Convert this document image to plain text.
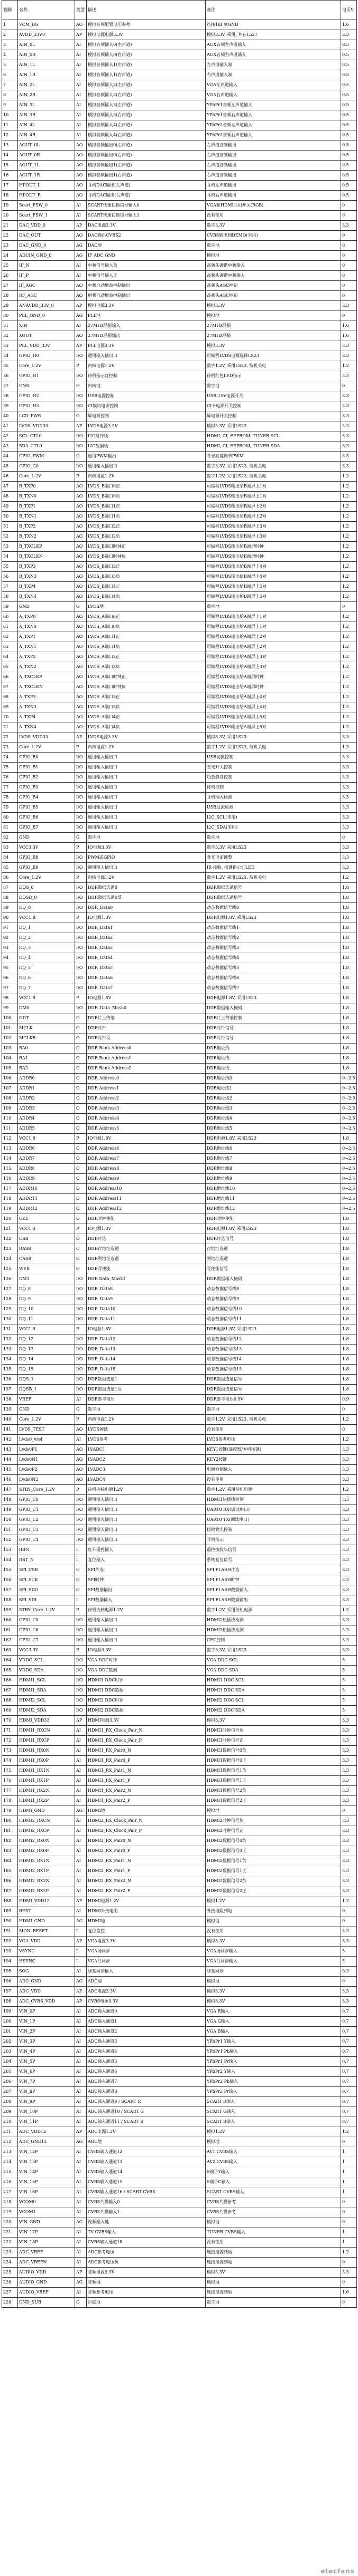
管脚	名称	类型	描述	备注	电压V
1	VCM_BG	AO	模拟音频配置电压参考	连接1uF到GND	1.6
2	AVDD_33V0	AP	模拟电源电源3.3V	模拟3.3V, 采用, 并在L527	3.3
3	AIN_0L	AI	模拟音频输入0(左声道)	AUX音频左声道输入	0.5
4	AIN_0R	AI	模拟音频输入0(右声道)	AUX音频右声道输入	0.5
5	AIN_1L	AI	模拟音频输入1(左声道)	左声道输入端	0.5
6	AIN_1R	AI	模拟音频输入1(右声道)	右声道输入端	0.5
7	AIN_2L	AI	模拟音频输入2(左声道)	VGA左声道输入	0.5
8	AIN_2R	AI	模拟音频输入2(右声道)	VGA右声道输入	0.5
9	AIN_3L	AI	模拟音频输入3(左声道)	YPbPr1音频左声道输入	0.5
10	AIN_3R	AI	模拟音频输入3(右声道)	YPbPr1音频右声道输入	0.5
11	AIN_4L	AI	模拟音频输入4(左声道)	YPbPr2音频左声道输入	0.5
12	AIN_4R	AI	模拟音频输入4(右声道)	YPbPr2音频右声道输入	0.5
13	AOUT_0L	AO	模拟音频输出0(左声道)	左声道音频输出	0.5
14	AOUT_0R	AO	模拟音频输出0(右声道)	右声道音频输出	0.5
15	AOUT_1L	AO	模拟音频输出1(左声道)	左声道音频输出	0.5
16	AOUT_1R	AO	模拟音频输出1(右声道)	右声道音频输出	0.5
17	HPOUT_L	AO	耳机DAC输出(左声道)	耳机左声道输出	0.5
18	HPOUT_R	AO	耳机DAC输出(右声道)	耳机右声道输出	0.5
19	Scart_FSW_0	AI	SCART快速切换信号输入0	VGA和HDMI共用开关(RGB)	0
20	Scart_FSW_1	AI	SCART快速切换信号输入1	没有使用	0
21	DAC_VDD_0	AP	DAC电源3.3V	数字3.3V	3.3
22	DAC_OUT	AO	DAC输出CVBS2	CVBS输出到DEMO(未用)	0
23	DAC_GND_0	AG	DAC地	数字地	0
24	ADCIN_GND_0	AG	IF ADC GND	模拟地	0
25	IF_N	AI	中频信号输入负	高频头调谐中频输入	0
26	IF_P	AI	中频信号输入正	高频头调谐中频输入	0
27	IF_AGC	AO	中频自动增益控制输出	高频头AGC控制	0
28	RF_AGC	AO	射频自动增益控制输出	高频头AGC控制	0
29	ANAVDD_33V_0	AP	模拟电源3.3V	模拟3.3V	3.3
30	PLL_GND_0	AG	PLL地	模拟地	0
31	XIN	AI	27MHz晶振输入	27MHz晶振	1.6
32	XOUT	AO	27MHz晶振输出	27MHz晶振	1.6
33	PLL_VDD_33V	AP	PLL电源3.3V	模拟3.3V	3.3
34	GPIO_H0	I/O	通用输入输出口	可编程LVDS电源选择LS23	3.3
35	Core_1.2V	P	内核电源1.2V	数字1.2V, 采用LS23, 待机关电	1.2
36	GPIO_H1	I/O	待机指示灯控制	待机红色LED指示	3.3
37	GND	G	内核地	数字地	0
38	GPIO_H2	I/O	USB电源控制	USB口5V电源开关	3.3
39	GPIO_H3	I/O	CI模块电源控制	CI卡电源开关控制	3.3
40	LCD_PWR	O	屏电源控制	屏电源开关控制	3.3
41	LVDS_VDD33	AP	LVDS电源3.3V	模拟3.3V, 采用LS23	3.3
42	SCL_CTL0	I/O	I2C时钟线	HDMI, CI, EEPROM, TUNER SCL	3.3
43	SDA_CTL0	I/O	I2C数据线	HDMI, CI, EEPROM, TUNER SDA	3.3
44	GPIO_PWM	O	通用PWM输出	背光亮度调节PWM	3.3
45	GPIO_G0	I/O	通用输入输出口	数字3.3V, 采用LS23, 待机关电	3.3
46	Core_1.2V	P	内核电源1.2V	数字1.2V, 采用LS23, 待机关电	1.2
47	B_TXP0	AO	LVDS_B端口0正	可编程LVDS输出给B端屏上1对	1.2
48	B_TXN0	AO	LVDS_B端口0负	可编程LVDS输出给B端屏上1对	1.2
49	B_TXP1	AO	LVDS_B端口1正	可编程LVDS输出给B端屏上2对	1.2
50	B_TXN1	AO	LVDS_B端口1负	可编程LVDS输出给B端屏上2对	1.2
51	B_TXP2	AO	LVDS_B端口2正	可编程LVDS输出给B端屏上3对	1.2
52	B_TXN2	AO	LVDS_B端口2负	可编程LVDS输出给B端屏上3对	1.2
53	B_TXCLKP	AO	LVDS_B端口时钟正	可编程LVDS输出给B端屏时钟	1.2
54	B_TXCLKN	AO	LVDS_B端口时钟负	可编程LVDS输出给B端屏时钟	1.2
55	B_TXP3	AO	LVDS_B端口3正	可编程LVDS输出给B端屏上4对	1.2
56	B_TXN3	AO	LVDS_B端口3负	可编程LVDS输出给B端屏上4对	1.2
57	B_TXP4	AO	LVDS_B端口4正	可编程LVDS输出给B端屏上5对	1.2
58	B_TXN4	AO	LVDS_B端口4负	可编程LVDS输出给B端屏上5对	1.2
59	GND	G	LVDS地	数字地	0
60	A_TXP0	AO	LVDS_A端口0正	可编程LVDS输出给A端屏上1对	1.2
61	A_TXN0	AO	LVDS_A端口0负	可编程LVDS输出给A端屏上1对	1.2
62	A_TXP1	AO	LVDS_A端口1正	可编程LVDS输出给A端屏上2对	1.2
63	A_TXN1	AO	LVDS_A端口1负	可编程LVDS输出给A端屏上2对	1.2
64	A_TXP2	AO	LVDS_A端口2正	可编程LVDS输出给A端屏上3对	1.2
65	A_TXN2	AO	LVDS_A端口2负	可编程LVDS输出给A端屏上3对	1.2
66	A_TXCLKP	AO	LVDS_A端口时钟正	可编程LVDS输出给A端屏时钟	1.2
67	A_TXCLKN	AO	LVDS_A端口时钟负	可编程LVDS输出给A端屏时钟	1.2
68	A_TXP3	AO	LVDS_A端口3正	可编程LVDS输出给A端屏上4对	1.2
69	A_TXN3	AO	LVDS_A端口3负	可编程LVDS输出给A端屏上4对	1.2
70	A_TXP4	AO	LVDS_A端口4正	可编程LVDS输出给A端屏上5对	1.2
71	A_TXN4	AO	LVDS_A端口4负	可编程LVDS输出给A端屏上5对	1.2
72	LVDS_VDD33	AP	LVDS电源3.3V	模拟3.3V, 采用LS23	3.3
73	Core_1.2V	P	内核电源1.2V	数字1.2V, 采用LS23, 待机关电	1.2
74	GPIO_B0	I/O	通用输入输出口	USB切换控制	3.3
75	GPIO_B1	I/O	通用输入输出口	背光开关控制	3.3
76	GPIO_B2	I/O	通用输入输出口	功放静音控制	3.3
77	GPIO_B3	I/O	通用输入输出口	待机控制	3.3
78	GPIO_B4	I/O	通用输入输出口	耳机插入检测	3.3
79	GPIO_B5	I/O	通用输入输出口	USB过流检测	3.3
80	GPIO_B6	I/O	通用输入输出口	I2C_SCL(未用)	3.3
81	GPIO_B7	I/O	通用输入输出口	I2C_SDA(未用)	3.3
82	GND	G	数字地	数字地	0
83	VCC3.3V	P	IO电源3.3V	数字3.3V, 采用LS23	3.3
84	GPIO_B8	I/O	PWM或GPIO	背光电流调整	3.3
85	GPIO_B9	I/O	通用输入输出口	IR 接收, 按键指示灯LED	3.3
86	Core_1.2V	P	内核电源1.2V	数字1.2V, 采用LS23, 待机关电	1.2
87	DQS_0	I/O	DDR数据选通0	DDR数据选通信号	1.8
88	DQSB_0	I/O	DDR数据选通0反	DDR数据选通信号	1.8
89	DQ_0	I/O	DDR_Data0	动态数据信号线0	1.8
90	VCC1.8	P	IO电源1.8V	DDR电源1.8V, 采用LS23	1.8
91	DQ_1	I/O	DDR_Data1	动态数据信号线1	1.8
92	DQ_2	I/O	DDR_Data2	动态数据信号线2	1.8
93	DQ_3	I/O	DDR_Data3	动态数据信号线3	1.8
94	DQ_4	I/O	DDR_Data4	动态数据信号线4	1.8
95	DQ_5	I/O	DDR_Data5	动态数据信号线5	1.8
96	DQ_6	I/O	DDR_Data6	动态数据信号线6	1.8
97	DQ_7	I/O	DDR_Data7	动态数据信号线7	1.8
98	VCC1.8	P	IO电源1.8V	DDR电源1.8V, 采用LS23	1.8
99	DM0	I/O	DDR_Data_Mask0	DDR数据输入掩码	1.8
100	ODT	O	DDR片上终端	DDR片上终端控制	1.8
101	MCLK	O	DDR时钟	DDR时钟信号	1.8
102	MCLKB	O	DDR时钟反	DDR时钟信号	1.8
103	BA0	O	DDR Bank Address0	DDR地址线	1.8
104	BA1	O	DDR Bank Address1	DDR地址线	1.8
105	BA2	O	DDR Bank Address2	DDR地址线	1.8
106	ADDR0	O	DDR Address0	DDR地址线0	0~2.5
107	ADDR1	O	DDR Address1	DDR地址线1	0~2.5
108	ADDR2	O	DDR Address2	DDR地址线2	0~2.5
109	ADDR3	O	DDR Address3	DDR地址线3	0~2.5
110	ADDR4	O	DDR Address4	DDR地址线4	0~2.5
111	ADDR5	O	DDR Address5	DDR地址线5	0~2.5
112	VCC1.8	P	IO电源1.8V	DDR电源1.8V, 采用LS23	1.8
113	ADDR6	O	DDR Address6	DDR地址线6	0~2.5
114	ADDR7	O	DDR Address7	DDR地址线7	0~2.5
115	ADDR8	O	DDR Address8	DDR地址线8	0~2.5
116	ADDR9	O	DDR Address9	DDR地址线9	0~2.5
117	ADDR10	O	DDR Address10	DDR地址线10	0~2.5
118	ADDR11	O	DDR Address11	DDR地址线11	0~2.5
119	ADDR12	O	DDR Address12	DDR地址线12	0~2.5
120	CKE	O	DDR时钟使能	DDR时钟使能	1.8
121	VCC1.8	P	IO电源1.8V	DDR电源1.8V, 采用LS23	1.8
122	CSB	O	DDR片选	DDR片选信号	1.8
123	RASB	O	DDR行地址选通	行地址选通	1.8
124	CASB	O	DDR列地址选通	列地址选通	1.8
125	WEB	O	DDR写使能	写使能信号	1.8
126	DM1	I/O	DDR Data_Mask1	DDR数据输入掩码	1.8
127	DQ_8	I/O	DDR_Data8	动态数据信号线8	1.8
128	DQ_9	I/O	DDR_Data9	动态数据信号线9	1.8
129	DQ_10	I/O	DDR_Data10	动态数据信号线10	1.8
130	DQ_11	I/O	DDR_Data11	动态数据信号线11	1.8
131	VCC1.8	P	IO电源1.8V	DDR电源1.8V, 采用LS23	1.8
132	DQ_12	I/O	DDR_Data12	动态数据信号线12	1.8
133	DQ_13	I/O	DDR_Data13	动态数据信号线13	1.8
134	DQ_14	I/O	DDR_Data14	动态数据信号线14	1.8
135	DQ_15	I/O	DDR_Data15	动态数据信号线15	1.8
136	DQS_1	I/O	DDR数据选通1	DDR数据选通信号	1.8
137	DQSB_1	I/O	DDR数据选通1反	DDR数据选通信号	1.8
138	VREF	AI	DDR参考电压	DDR参考电压0.9V	0.9
139	GND	G	数字地	数字地	0
140	Core_1.2V	P	内核电源1.2V	数字1.2V, 采用LS23, 待机关电	1.2
141	LVDS_TEST	AO	LVDS测试	没有使用	0
142	Lvds0_vref	AI	LVDS参考	LVDS参考电压	1.2
143	Lvds0P1	AO	LVADC1	KEY1按键(遥控器/本机按键)	3.3
144	Lvds0N1	AO	LVADC2	KEY2按键	3.3
145	Lvds0P2	AO	LVADC3	电源检测输入	3.3
146	Lvds0N2	AO	LVADC4	没有使用	3.3
147	STBY_Core_1.2V	P	待机内核电源1.2V	数字1.2V, 采用待机电源	1.2
148	GPIO_C0	I/O	通用输入输出口	HDMI1热插拔检测	3.3
149	GPIO_C1	I/O	通用输入输出口	UART0 RX(调试串口)	3.3
150	GPIO_C2	I/O	通用输入输出口	UART0 TX(调试串口)	3.3
151	GPIO_C3	I/O	通用输入输出口	按键背光控制	3.3
152	GPIO_C4	I/O	通用输入输出口	开机指示	3.3
153	IRIN	I	红外遥控输入	遥控接收头信号	3.3
154	RST_N	I	复位输入	系统复位信号	3.3
155	SPI_CSB	O	SPI片选	SPI FLASH片选	3.3
156	SPI_SCK	O	SPI时钟	SPI FLASH时钟	3.3
157	SPI_SDO	O	SPI数据输出	SPI FLASH数据输入	3.3
158	SPI_SDI	I	SPI数据输入	SPI FLASH数据输出	3.3
159	STBY_Core_1.2V	P	待机内核电源1.2V	数字1.2V, 采用待机电源	1.2
160	GPIO_C5	I/O	通用输入输出口	HDMI2热插拔检测	3.3
161	GPIO_C6	I/O	通用输入输出口	HDMI3热插拔检测	3.3
162	GPIO_C7	I/O	通用输入输出口	CEC控制	3.3
163	VCC3.3V	P	IO电源3.3V	数字3.3V, 采用LS23	3.3
164	VDDC_SCL	I/O	VGA DDC时钟	VGA DDC SCL	5
165	VDDC_SDA	I/O	VGA DDC数据	VGA DDC SDA	5
166	HDMI1_SCL	I/O	HDMI1 DDC时钟	HDMI1 DDC SCL	5
167	HDMI1_SDA	I/O	HDMI1 DDC数据	HDMI1 DDC SDA	5
168	HDMI2_SCL	I/O	HDMI2 DDC时钟	HDMI2 DDC SCL	5
169	HDMI2_SDA	I/O	HDMI2 DDC数据	HDMI2 DDC SDA	5
170	HDMI_VDD33	AP	HDMI电源3.3V	模拟3.3V	3.3
171	HDMI1_RXCN	AI	HDMI1_RX_Clock_Pair_N	HDMI1时钟信号负	3.3
172	HDMI1_RXCP	AI	HDMI1_RX_Clock_Pair_P	HDMI1时钟信号正	3.3
173	HDMI1_RX0N	AI	HDMI1_RX_Pair0_N	HDMI1数据信号0负	3.3
174	HDMI1_RX0P	AI	HDMI1_RX_Pair0_P	HDMI1数据信号0正	3.3
175	HDMI1_RX1N	AI	HDMI1_RX_Pair1_N	HDMI1数据信号1负	3.3
176	HDMI1_RX1P	AI	HDMI1_RX_Pair1_P	HDMI1数据信号1正	3.3
177	HDMI1_RX2N	AI	HDMI1_RX_Pair2_N	HDMI1数据信号2负	3.3
178	HDMI1_RX2P	AI	HDMI1_RX_Pair2_P	HDMI1数据信号2正	3.3
179	HDMI_GND	AG	HDMI地	模拟地	0
180	HDMI2_RXCN	AI	HDMI2_RX_Clock_Pair_N	HDMI2时钟信号负	3.3
181	HDMI2_RXCP	AI	HDMI2_RX_Clock_Pair_P	HDMI2时钟信号正	3.3
182	HDMI2_RX0N	AI	HDMI2_RX_Pair0_N	HDMI2数据信号0负	3.3
183	HDMI2_RX0P	AI	HDMI2_RX_Pair0_P	HDMI2数据信号0正	3.3
184	HDMI2_RX1N	AI	HDMI2_RX_Pair1_N	HDMI2数据信号1负	3.3
185	HDMI2_RX1P	AI	HDMI2_RX_Pair1_P	HDMI2数据信号1正	3.3
186	HDMI2_RX2N	AI	HDMI2_RX_Pair2_N	HDMI2数据信号2负	3.3
187	HDMI2_RX2P	AI	HDMI2_RX_Pair2_P	HDMI2数据信号2正	3.3
188	HDMI_VDD12	AP	HDMI电源1.2V	模拟1.2V	1.2
189	REXT	AI	HDMI外接电阻	外接电阻到地	0
190	HDMI_GND	AG	HDMI地	模拟地	0
191	MON_RESET	I	复位监控	没有使用	3.3
192	VGA_VDD	AP	VGA电源3.3V	模拟3.3V	3.3
193	VSYNC	I	VGA场同步	VGA场同步输入	5
194	HSYNC	I	VGA行同步	VGA行同步输入	5
195	SOG	AI	绿基同步输入	绿基同步	0.3
196	ADC_GND	AG	ADC地	模拟地	0
197	ADC_VDD	AP	ADC电源3.3V	模拟3.3V	3.3
198	ADC_CVBS_VDD	AP	CVBS电源3.3V	模拟3.3V	3.3
199	VIN_0P	AI	ADC输入通道0	VGA R输入	0.7
200	VIN_1P	AI	ADC输入通道1	VGA G输入	0.7
201	VIN_2P	AI	ADC输入通道2	VGA B输入	0.7
202	VIN_3P	AI	ADC输入通道3	YPbPr1 Y输入	0.7
203	VIN_4P	AI	ADC输入通道4	YPbPr1 Pb输入	0.7
204	VIN_5P	AI	ADC输入通道5	YPbPr1 Pr输入	0.7
205	VIN_6P	AI	ADC输入通道6	YPbPr2 Y输入	0.7
206	VIN_7P	AI	ADC输入通道7	YPbPr2 Pb输入	0.7
207	VIN_8P	AI	ADC输入通道8	YPbPr2 Pr输入	0.7
208	VIN_9P	AI	ADC输入通道9 / SCART R	SCART R输入	0.7
209	VIN_10P	AI	ADC输入通道10 / SCART G	SCART G输入	0.7
210	VIN_11P	AI	ADC输入通道11 / SCART B	SCART B输入	0.7
211	ADC_VDD12	AP	ADC电源1.2V	模拟1.2V	1.2
212	ADC_GND12	AG	ADC地	模拟地	0
213	VIN_12P	AI	CVBS输入通道12	AV1 CVBS输入	1
214	VIN_13P	AI	CVBS输入通道13	AV2 CVBS输入	1
215	VIN_14P	AI	CVBS输入通道14	S端子Y输入	1
216	VIN_15P	AI	CVBS输入通道15	S端子C输入	1
217	VIN_16P	AI	CVBS输入通道16 / SCART CVBS	SCART CVBS输入	1
218	VCOM0	AI	CVBS共模输入0	CVBS共模参考	0
219	VCOM1	AI	CVBS共模输入1	CVBS共模参考	0
220	VIN_GND	AG	视频输入地	模拟地	0
221	VIN_17P	AI	TV CVBS输入	TUNER CVBS输入	1
222	VIN_18P	AI	CVBS输入通道18	没有使用	1
223	ADC_VREF	AI	ADC参考电压	连接电容到地	1.2
224	ADC_VREFN	AI	ADC参考电压负	连接电容到地	0
225	AUDIO_VDD	AP	音频电源3.3V	模拟3.3V	3.3
226	AUDIO_GND	AG	音频地	模拟地	0
227	AUDIO_VREF	AI	音频参考电压	连接电容到地	1.6
228	GND_SUB	G	衬底地	数字地	0
elecfans
